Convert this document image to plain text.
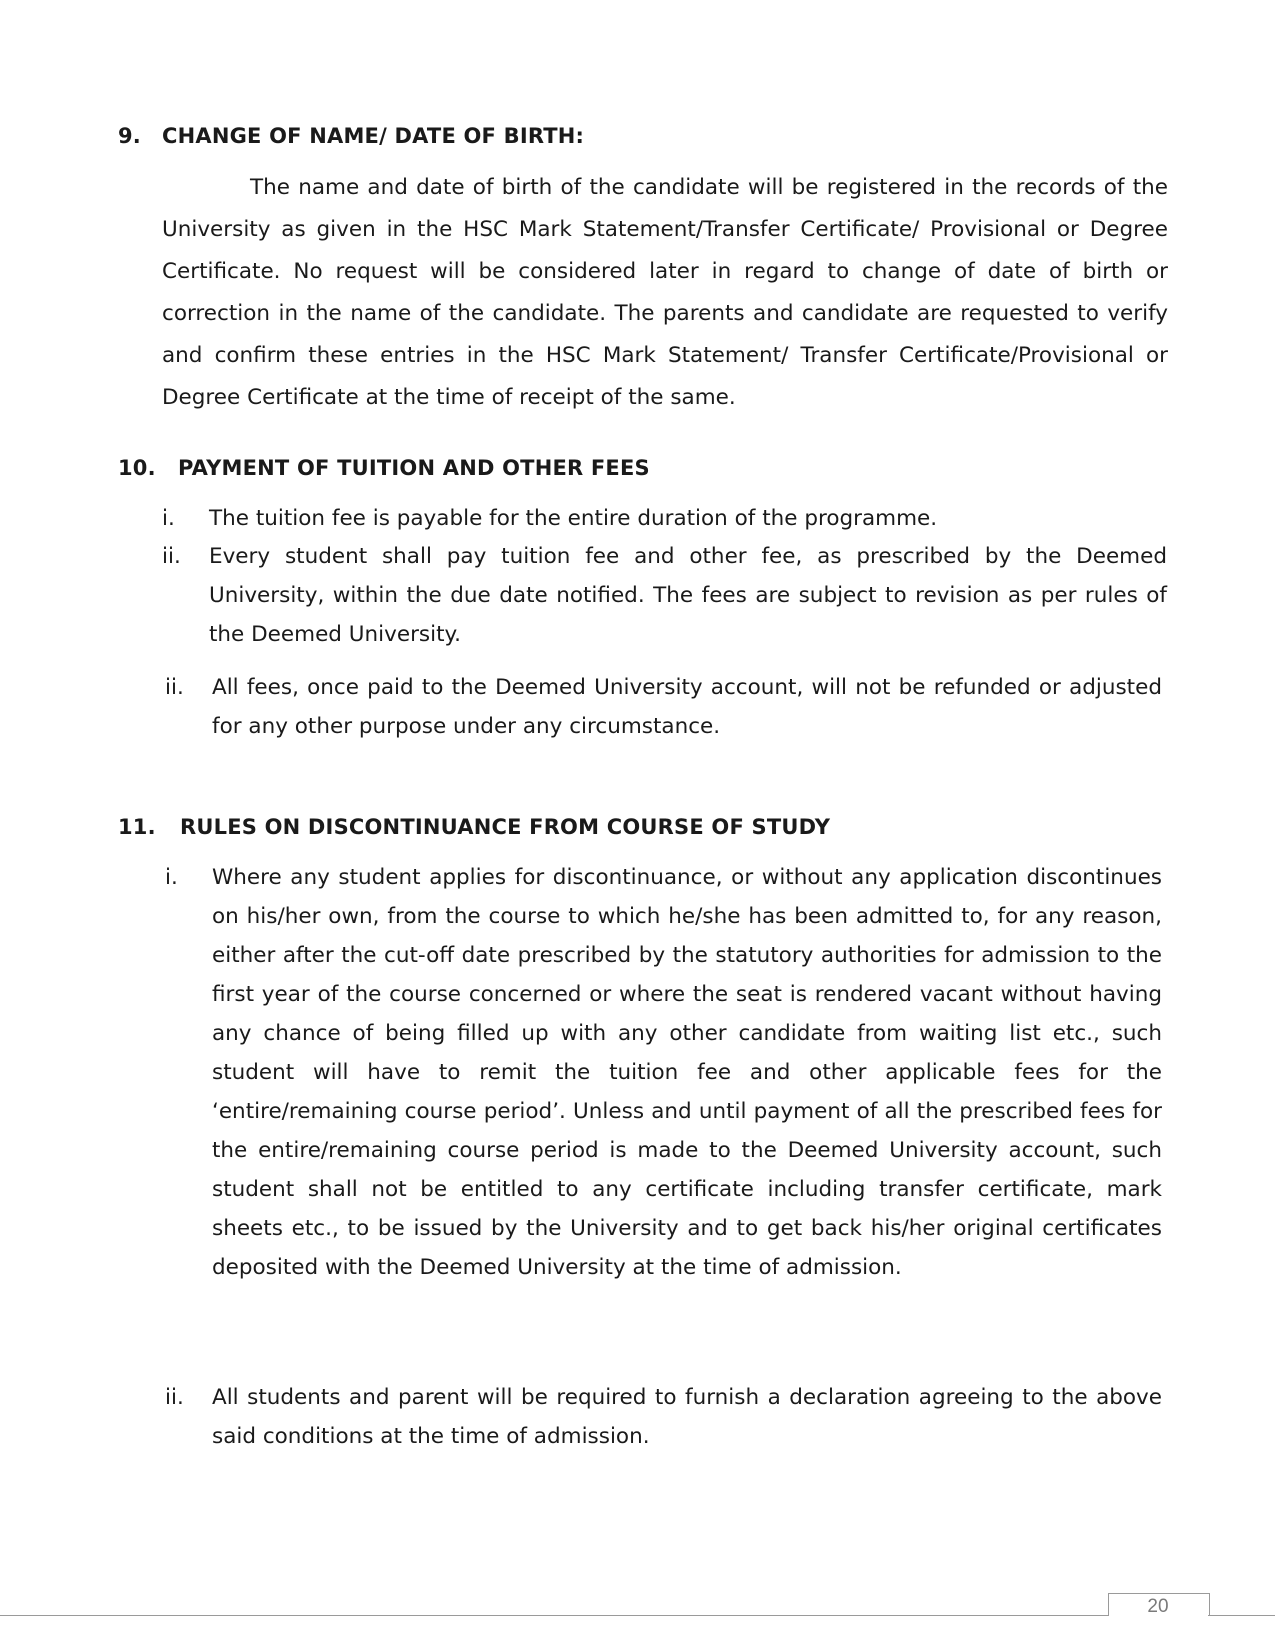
9. CHANGE OF NAME/ DATE OF BIRTH:
The name and date of birth of the candidate will be registered in the records of the University as given in the HSC Mark Statement/Transfer Certificate/ Provisional or Degree Certificate. No request will be considered later in regard to change of date of birth or correction in the name of the candidate. The parents and candidate are requested to verify and confirm these entries in the HSC Mark Statement/ Transfer Certificate/Provisional or Degree Certificate at the time of receipt of the same.
10. PAYMENT OF TUITION AND OTHER FEES
i. The tuition fee is payable for the entire duration of the programme.
ii. Every student shall pay tuition fee and other fee, as prescribed by the Deemed University, within the due date notified. The fees are subject to revision as per rules of the Deemed University.
ii. All fees, once paid to the Deemed University account, will not be refunded or adjusted for any other purpose under any circumstance.
11. RULES ON DISCONTINUANCE FROM COURSE OF STUDY
i. Where any student applies for discontinuance, or without any application discontinues on his/her own, from the course to which he/she has been admitted to, for any reason, either after the cut-off date prescribed by the statutory authorities for admission to the first year of the course concerned or where the seat is rendered vacant without having any chance of being filled up with any other candidate from waiting list etc., such student will have to remit the tuition fee and other applicable fees for the ‘entire/remaining course period’. Unless and until payment of all the prescribed fees for the entire/remaining course period is made to the Deemed University account, such student shall not be entitled to any certificate including transfer certificate, mark sheets etc., to be issued by the University and to get back his/her original certificates deposited with the Deemed University at the time of admission.
ii. All students and parent will be required to furnish a declaration agreeing to the above said conditions at the time of admission.
20
